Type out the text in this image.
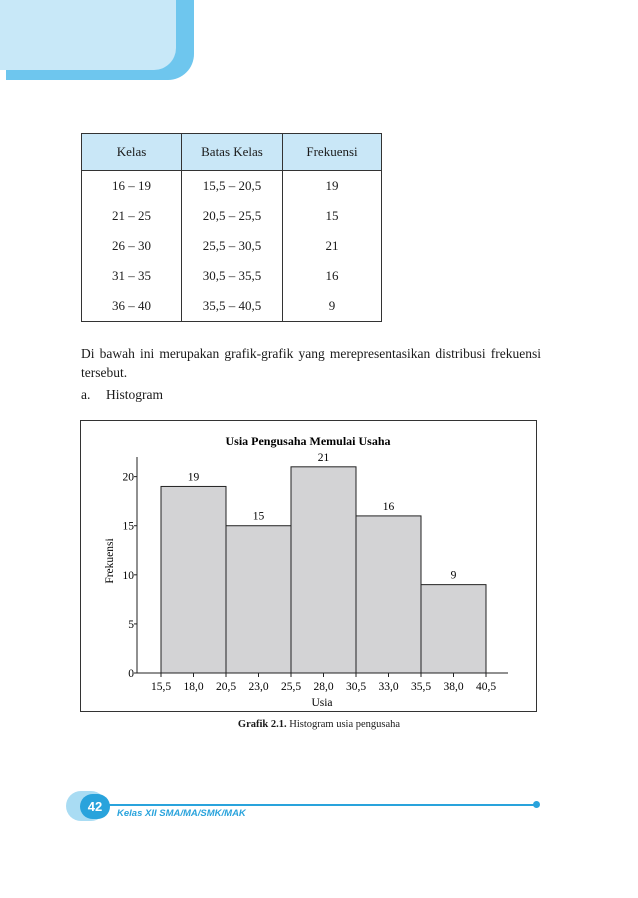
Kelas	Batas Kelas	Frekuensi
16 – 19	15,5 – 20,5	19
21 – 25	20,5 – 25,5	15
26 – 30	25,5 – 30,5	21
31 – 35	30,5 – 35,5	16
36 – 40	35,5 – 40,5	9

Di bawah ini merupakan grafik-grafik yang merepresentasikan distribusi frekuensi tersebut.

a. Histogram

Usia Pengusaha Memulai Usaha
Frekuensi
Usia
19
15
21
16
9
0
5
10
15
20
15,5 18,0 20,5 23,0 25,5 28,0 30,5 33,0 35,5 38,0 40,5

Grafik 2.1. Histogram usia pengusaha

42	Kelas XII SMA/MA/SMK/MAK
